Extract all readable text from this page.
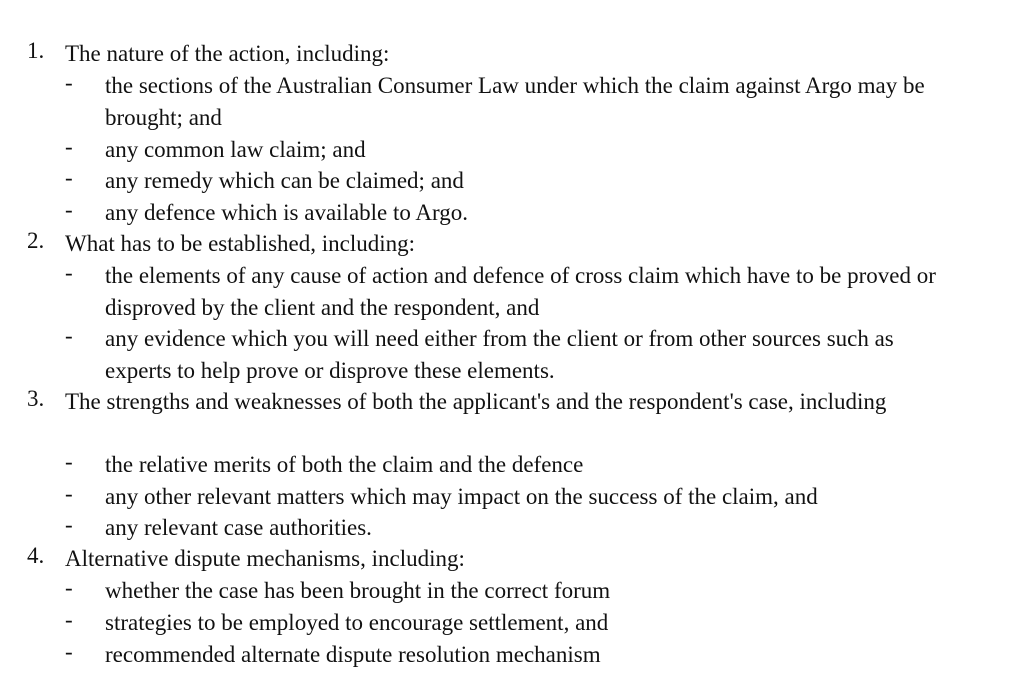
1. The nature of the action, including:
- the sections of the Australian Consumer Law under which the claim against Argo may be brought; and
- any common law claim; and
- any remedy which can be claimed; and
- any defence which is available to Argo.
2. What has to be established, including:
- the elements of any cause of action and defence of cross claim which have to be proved or disproved by the client and the respondent, and
- any evidence which you will need either from the client or from other sources such as experts to help prove or disprove these elements.
3. The strengths and weaknesses of both the applicant's and the respondent's case, including
- the relative merits of both the claim and the defence
- any other relevant matters which may impact on the success of the claim, and
- any relevant case authorities.
4. Alternative dispute mechanisms, including:
- whether the case has been brought in the correct forum
- strategies to be employed to encourage settlement, and
- recommended alternate dispute resolution mechanism
